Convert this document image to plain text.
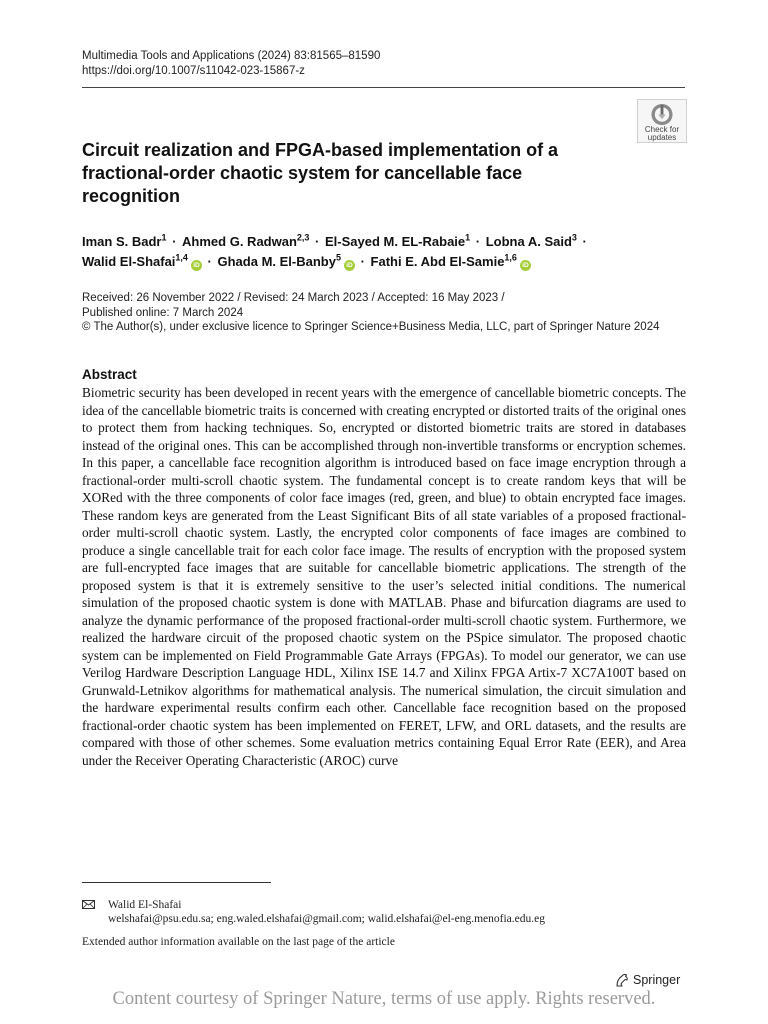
Multimedia Tools and Applications (2024) 83:81565–81590
https://doi.org/10.1007/s11042-023-15867-z
Check for
updates
Circuit realization and FPGA-based implementation of a fractional-order chaotic system for cancellable face recognition
Iman S. Badr$^1$ · Ahmed G. Radwan$^{2,3}$ · El-Sayed M. EL-Rabaie$^1$ · Lobna A. Said$^3$ ·
Walid El-Shafai$^{1,4}$iD · Ghada M. El-Banby$^5$iD · Fathi E. Abd El-Samie$^{1,6}$iD
Received: 26 November 2022 / Revised: 24 March 2023 / Accepted: 16 May 2023 /
Published online: 7 March 2024
© The Author(s), under exclusive licence to Springer Science+Business Media, LLC, part of Springer Nature 2024
Abstract

Biometric security has been developed in recent years with the emergence of cancellable biometric concepts. The idea of the cancellable biometric traits is concerned with creating encrypted or distorted traits of the original ones to protect them from hacking techniques. So, encrypted or distorted biometric traits are stored in databases instead of the original ones. This can be accomplished through non-invertible transforms or encryption schemes. In this paper, a cancellable face recognition algorithm is introduced based on face image encryption through a fractional-order multi-scroll chaotic system. The fundamental concept is to create random keys that will be XORed with the three components of color face images (red, green, and blue) to obtain encrypted face images. These random keys are generated from the Least Significant Bits of all state variables of a proposed fractional-order multi-scroll chaotic system. Lastly, the encrypted color components of face images are combined to produce a single cancellable trait for each color face image. The results of encryption with the proposed system are full-encrypted face images that are suitable for cancellable biometric applications. The strength of the proposed system is that it is extremely sensitive to the user’s selected initial conditions. The numerical simulation of the proposed chaotic system is done with MATLAB. Phase and bifurcation diagrams are used to analyze the dynamic performance of the proposed fractional-order multi-scroll chaotic system. Furthermore, we realized the hardware circuit of the proposed chaotic system on the PSpice simulator. The proposed chaotic system can be implemented on Field Programmable Gate Arrays (FPGAs). To model our generator, we can use Verilog Hardware Description Language HDL, Xilinx ISE 14.7 and Xilinx FPGA Artix-7 XC7A100T based on Grunwald-Letnikov algorithms for mathematical analysis. The numerical simulation, the circuit simulation and the hardware experimental results confirm each other. Cancellable face recognition based on the proposed fractional-order chaotic system has been implemented on FERET, LFW, and ORL datasets, and the results are compared with those of other schemes. Some evaluation metrics containing Equal Error Rate (EER), and Area under the Receiver Operating Characteristic (AROC) curve

Walid El-Shafai
welshafai@psu.edu.sa; eng.waled.elshafai@gmail.com; walid.elshafai@el-eng.menofia.edu.eg
Extended author information available on the last page of the article
Springer
Content courtesy of Springer Nature, terms of use apply. Rights reserved.
